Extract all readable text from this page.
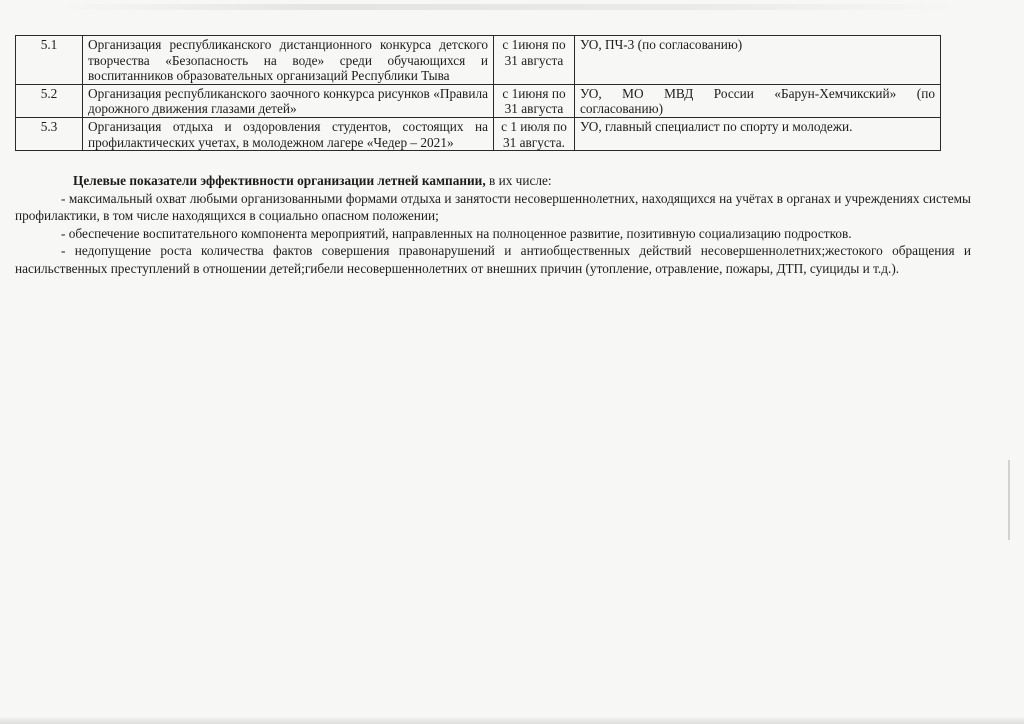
5.1	Организация республиканского дистанционного конкурса детского творчества «Безопасность на воде» среди обучающихся и воспитанников образовательных организаций Республики Тыва	с 1июня по 31 августа	УО, ПЧ-3 (по согласованию)
5.2	Организация республиканского заочного конкурса рисунков «Правила дорожного движения глазами детей»	с 1июня по 31 августа	УО, МО МВД России «Барун-Хемчикский» (по согласованию)
5.3	Организация отдыха и оздоровления студентов, состоящих на профилактических учетах, в молодежном лагере «Чедер – 2021»	с 1 июля по 31 августа.	УО, главный специалист по спорту и молодежи.

Целевые показатели эффективности организации летней кампании, в их числе:

- максимальный охват любыми организованными формами отдыха и занятости несовершеннолетних, находящихся на учётах в органах и учреждениях системы профилактики, в том числе находящихся в социально опасном положении;

- обеспечение воспитательного компонента мероприятий, направленных на полноценное развитие, позитивную социализацию подростков.

- недопущение роста количества фактов совершения правонарушений и антиобщественных действий несовершеннолетних;жестокого обращения и насильственных преступлений в отношении детей;гибели несовершеннолетних от внешних причин (утопление, отравление, пожары, ДТП, суициды и т.д.).
